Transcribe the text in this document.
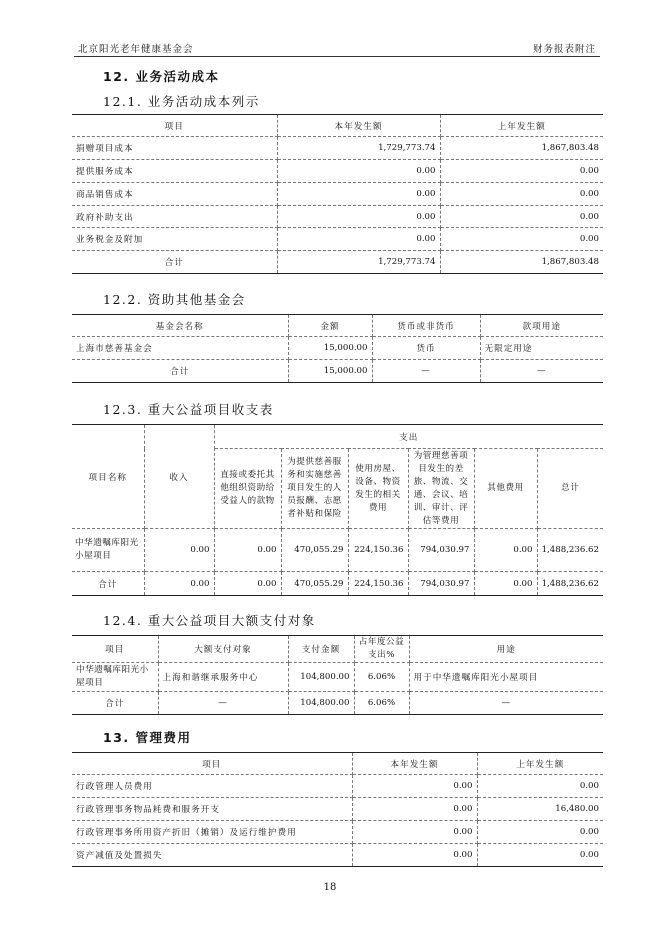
北京阳光老年健康基金会	财务报表附注
12. 业务活动成本
12.1. 业务活动成本列示
项目	本年发生额	上年发生额
捐赠项目成本	1,729,773.74	1,867,803.48
提供服务成本	0.00	0.00
商品销售成本	0.00	0.00
政府补助支出	0.00	0.00
业务税金及附加	0.00	0.00
合计	1,729,773.74	1,867,803.48
12.2. 资助其他基金会
基金会名称	金额	货币或非货币	款项用途
上海市慈善基金会	15,000.00	货币	无限定用途
合计	15,000.00	—	—
12.3. 重大公益项目收支表
项目名称	收入	支出					
		直接或委托其他组织资助给受益人的款物	为提供慈善服务和实施慈善项目发生的人员报酬、志愿者补贴和保险	使用房屋、设备、物资发生的相关费用	为管理慈善项目发生的差旅、物流、交通、会议、培训、审计、评估等费用	其他费用	总计
中华遗嘱库阳光小屋项目	0.00	0.00	470,055.29	224,150.36	794,030.97	0.00	1,488,236.62
合计	0.00	0.00	470,055.29	224,150.36	794,030.97	0.00	1,488,236.62
12.4. 重大公益项目大额支付对象
项目	大额支付对象	支付金额	占年度公益支出%	用途
中华遗嘱库阳光小屋项目	上海和谐继承服务中心	104,800.00	6.06%	用于中华遗嘱库阳光小屋项目
合计	—	104,800.00	6.06%	—
13. 管理费用
项目	本年发生额	上年发生额
行政管理人员费用	0.00	0.00
行政管理事务物品耗费和服务开支	0.00	16,480.00
行政管理事务所用资产折旧（摊销）及运行维护费用	0.00	0.00
资产减值及处置损失	0.00	0.00
18
